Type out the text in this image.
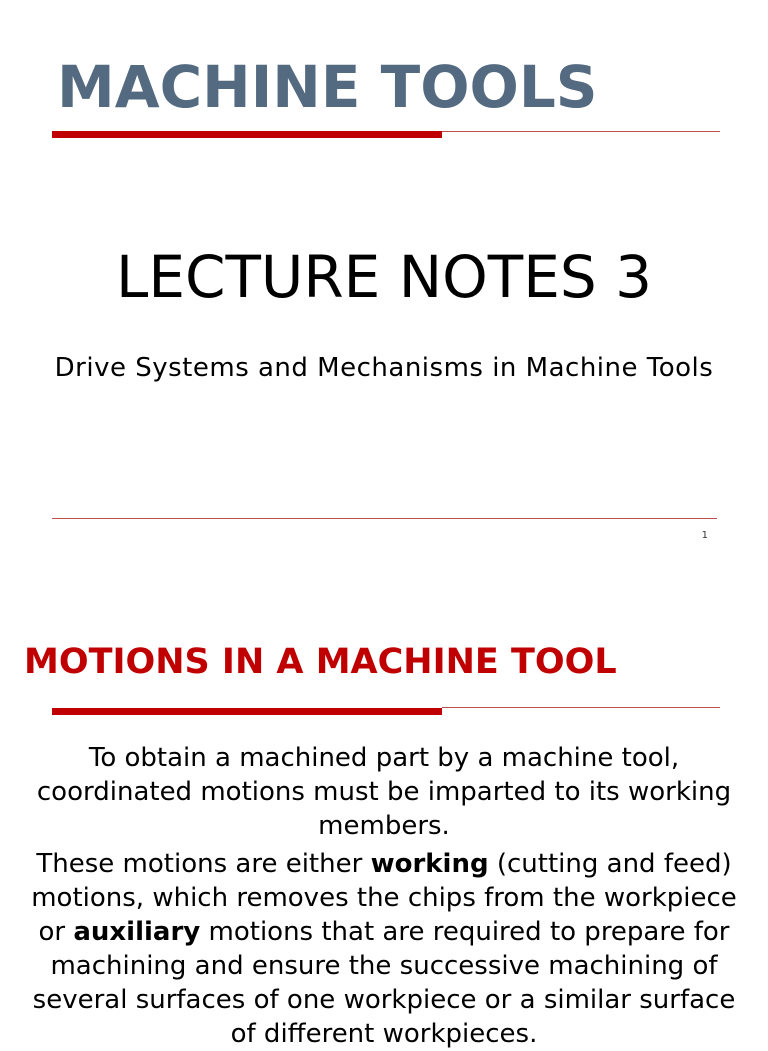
MACHINE TOOLS
LECTURE NOTES 3

Drive Systems and Mechanisms in Machine Tools

1
MOTIONS IN A MACHINE TOOL

To obtain a machined part by a machine tool, coordinated motions must be imparted to its working members.

These motions are either working (cutting and feed) motions, which removes the chips from the workpiece or auxiliary motions that are required to prepare for machining and ensure the successive machining of several surfaces of one workpiece or a similar surface of different workpieces.
